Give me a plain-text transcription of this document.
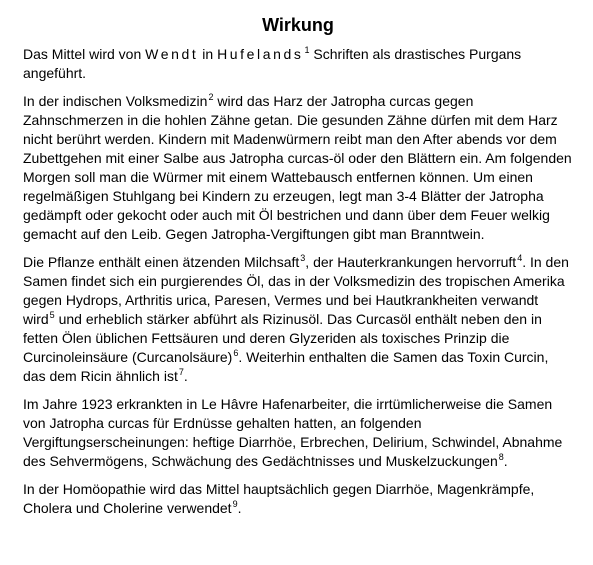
Wirkung

Das Mittel wird von Wendt in Hufelands$^1$ Schriften als drastisches Purgans angeführt.

In der indischen Volksmedizin$^2$ wird das Harz der Jatropha curcas gegen Zahnschmerzen in die hohlen Zähne getan. Die gesunden Zähne dürfen mit dem Harz nicht berührt werden. Kindern mit Madenwürmern reibt man den After abends vor dem Zubettgehen mit einer Salbe aus Jatropha curcas-öl oder den Blättern ein. Am folgenden Morgen soll man die Würmer mit einem Wattebausch entfernen können. Um einen regelmäßigen Stuhlgang bei Kindern zu erzeugen, legt man 3-4 Blätter der Jatropha gedämpft oder gekocht oder auch mit Öl bestrichen und dann über dem Feuer welkig gemacht auf den Leib. Gegen Jatropha-Vergiftungen gibt man Branntwein.

Die Pflanze enthält einen ätzenden Milchsaft$^3$, der Hauterkrankungen hervorruft$^4$. In den Samen findet sich ein purgierendes Öl, das in der Volksmedizin des tropischen Amerika gegen Hydrops, Arthritis urica, Paresen, Vermes und bei Hautkrankheiten verwandt wird$^5$ und erheblich stärker abführt als Rizinusöl. Das Curcasöl enthält neben den in fetten Ölen üblichen Fettsäuren und deren Glyzeriden als toxisches Prinzip die Curcinoleinsäure (Curcanolsäure)$^6$. Weiterhin enthalten die Samen das Toxin Curcin, das dem Ricin ähnlich ist$^7$.

Im Jahre 1923 erkrankten in Le Hâvre Hafenarbeiter, die irrtümlicherweise die Samen von Jatropha curcas für Erdnüsse gehalten hatten, an folgenden Vergiftungserscheinungen: heftige Diarrhöe, Erbrechen, Delirium, Schwindel, Abnahme des Sehvermögens, Schwächung des Gedächtnisses und Muskelzuckungen$^8$.

In der Homöopathie wird das Mittel hauptsächlich gegen Diarrhöe, Magenkrämpfe, Cholera und Cholerine verwendet$^9$.
